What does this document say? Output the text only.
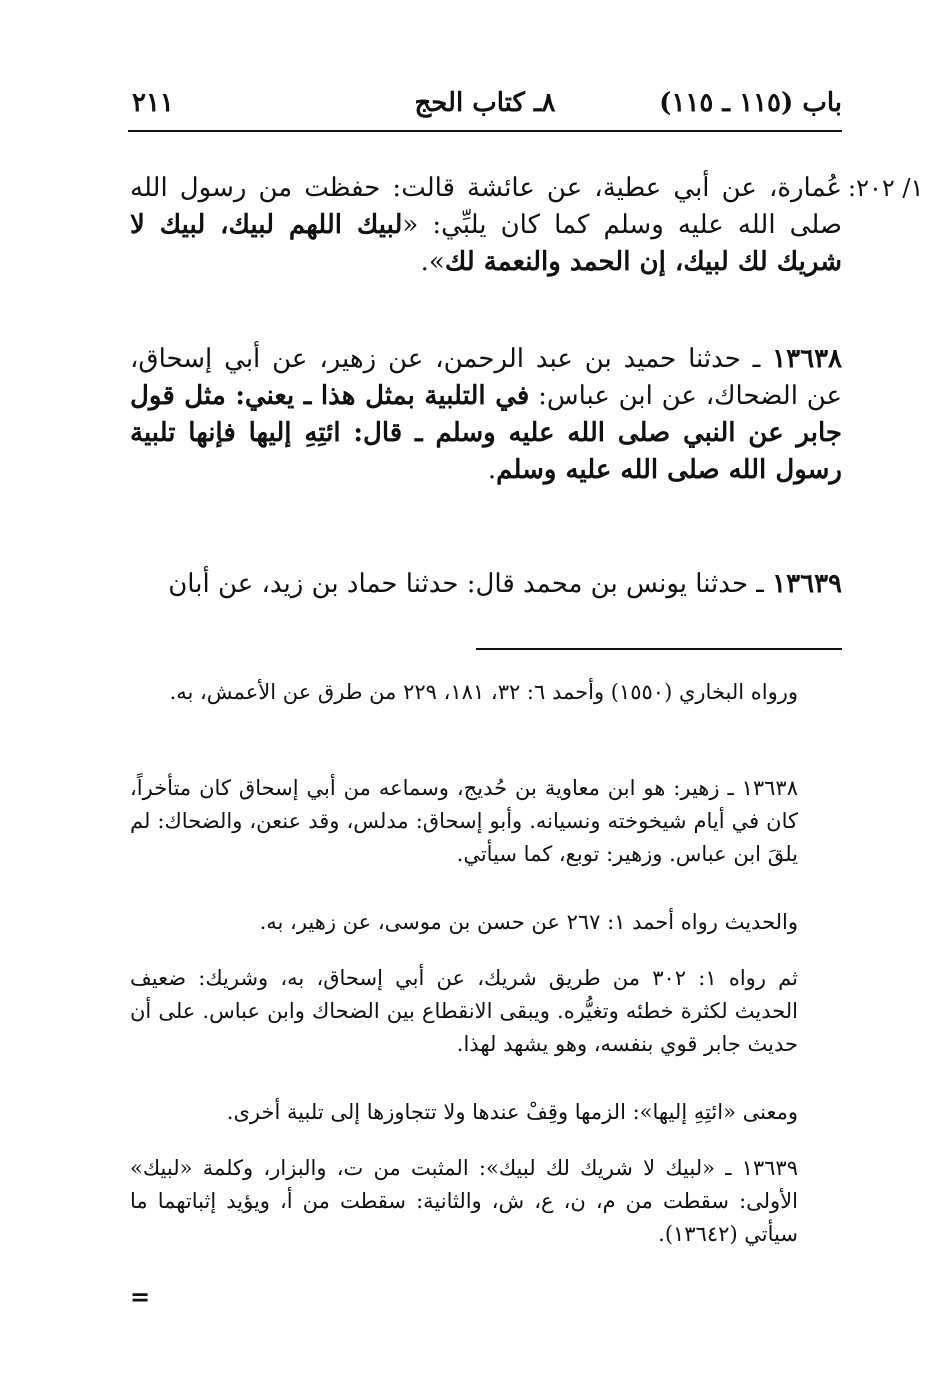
باب (١١٥ ـ ١١٥)
٨ـ كتاب الحج
٢١١
:١/ ٢٠٢

عُمارة، عن أبي عطية، عن عائشة قالت: حفظت من رسول الله صلى الله عليه وسلم كما كان يلبِّي: «لبيك اللهم لبيك، لبيك لا شريك لك لبيك، إن الحمد والنعمة لك».

١٣٦٣٨ ـ حدثنا حميد بن عبد الرحمن، عن زهير، عن أبي إسحاق، عن الضحاك، عن ابن عباس: في التلبية بمثل هذا ـ يعني: مثل قول جابر عن النبي صلى الله عليه وسلم ـ قال: ائتِهِ إليها فإنها تلبية رسول الله صلى الله عليه وسلم.

١٣٦٣٩ ـ حدثنا يونس بن محمد قال: حدثنا حماد بن زيد، عن أبان

ورواه البخاري (١٥٥٠) وأحمد ٦: ٣٢، ١٨١، ٢٢٩ من طرق عن الأعمش، به.

١٣٦٣٨ ـ زهير: هو ابن معاوية بن حُديج، وسماعه من أبي إسحاق كان متأخراً، كان في أيام شيخوخته ونسيانه. وأبو إسحاق: مدلس، وقد عنعن، والضحاك: لم يلقَ ابن عباس. وزهير: توبع، كما سيأتي.

والحديث رواه أحمد ١: ٢٦٧ عن حسن بن موسى، عن زهير، به.

ثم رواه ١: ٣٠٢ من طريق شريك، عن أبي إسحاق، به، وشريك: ضعيف الحديث لكثرة خطئه وتغيُّره. ويبقى الانقطاع بين الضحاك وابن عباس. على أن حديث جابر قوي بنفسه، وهو يشهد لهذا.

ومعنى «ائتِهِ إليها»: الزمها وقِفْ عندها ولا تتجاوزها إلى تلبية أخرى.

١٣٦٣٩ ـ «لبيك لا شريك لك لبيك»: المثبت من ت، والبزار، وكلمة «لبيك» الأولى: سقطت من م، ن، ع، ش، والثانية: سقطت من أ، ويؤيد إثباتهما ما سيأتي (١٣٦٤٢).

=
